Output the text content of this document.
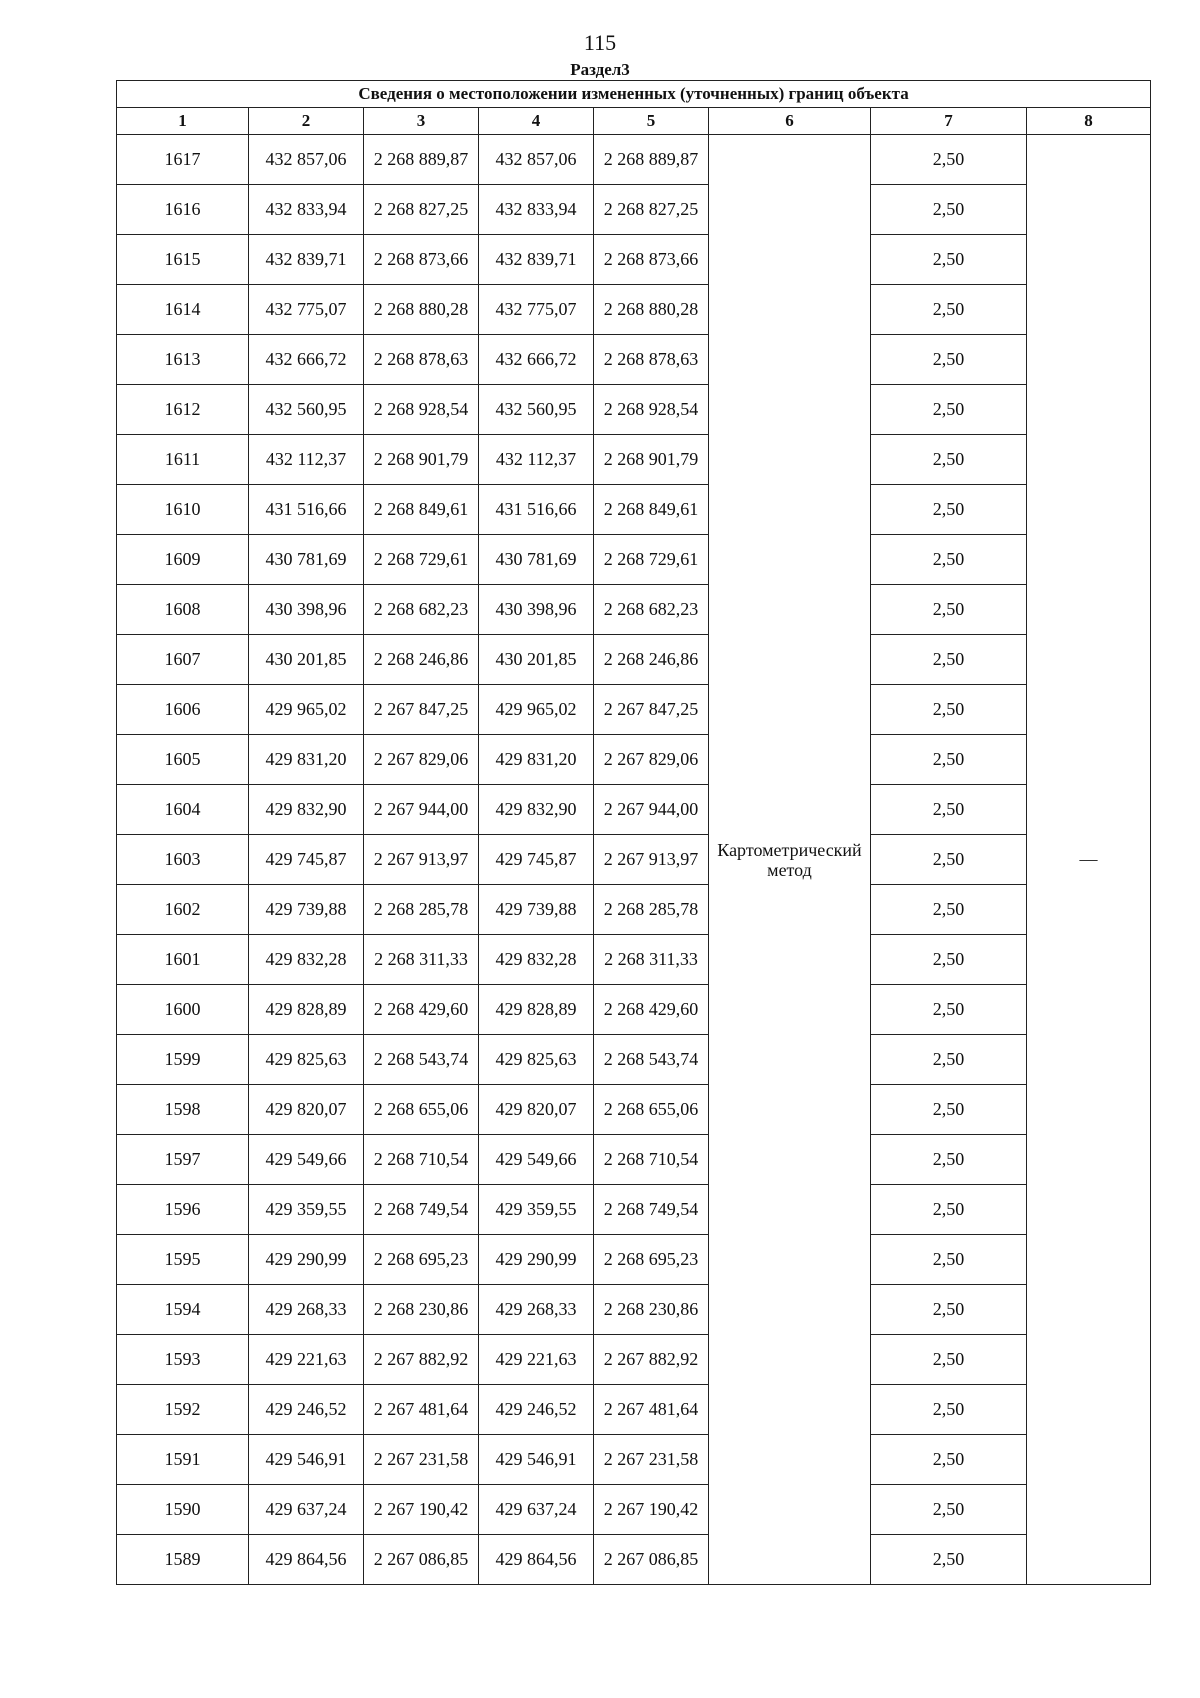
115
Раздел3
Сведения о местоположении измененных (уточненных) границ объекта							
1	2	3	4	5	6	7	8
1617	432 857,06	2 268 889,87	432 857,06	2 268 889,87	Картометрический метод	2,50	—
1616	432 833,94	2 268 827,25	432 833,94	2 268 827,25		2,50	
1615	432 839,71	2 268 873,66	432 839,71	2 268 873,66		2,50	
1614	432 775,07	2 268 880,28	432 775,07	2 268 880,28		2,50	
1613	432 666,72	2 268 878,63	432 666,72	2 268 878,63		2,50	
1612	432 560,95	2 268 928,54	432 560,95	2 268 928,54		2,50	
1611	432 112,37	2 268 901,79	432 112,37	2 268 901,79		2,50	
1610	431 516,66	2 268 849,61	431 516,66	2 268 849,61		2,50	
1609	430 781,69	2 268 729,61	430 781,69	2 268 729,61		2,50	
1608	430 398,96	2 268 682,23	430 398,96	2 268 682,23		2,50	
1607	430 201,85	2 268 246,86	430 201,85	2 268 246,86		2,50	
1606	429 965,02	2 267 847,25	429 965,02	2 267 847,25		2,50	
1605	429 831,20	2 267 829,06	429 831,20	2 267 829,06		2,50	
1604	429 832,90	2 267 944,00	429 832,90	2 267 944,00		2,50	
1603	429 745,87	2 267 913,97	429 745,87	2 267 913,97		2,50	
1602	429 739,88	2 268 285,78	429 739,88	2 268 285,78		2,50	
1601	429 832,28	2 268 311,33	429 832,28	2 268 311,33		2,50	
1600	429 828,89	2 268 429,60	429 828,89	2 268 429,60		2,50	
1599	429 825,63	2 268 543,74	429 825,63	2 268 543,74		2,50	
1598	429 820,07	2 268 655,06	429 820,07	2 268 655,06		2,50	
1597	429 549,66	2 268 710,54	429 549,66	2 268 710,54		2,50	
1596	429 359,55	2 268 749,54	429 359,55	2 268 749,54		2,50	
1595	429 290,99	2 268 695,23	429 290,99	2 268 695,23		2,50	
1594	429 268,33	2 268 230,86	429 268,33	2 268 230,86		2,50	
1593	429 221,63	2 267 882,92	429 221,63	2 267 882,92		2,50	
1592	429 246,52	2 267 481,64	429 246,52	2 267 481,64		2,50	
1591	429 546,91	2 267 231,58	429 546,91	2 267 231,58		2,50	
1590	429 637,24	2 267 190,42	429 637,24	2 267 190,42		2,50	
1589	429 864,56	2 267 086,85	429 864,56	2 267 086,85		2,50	
